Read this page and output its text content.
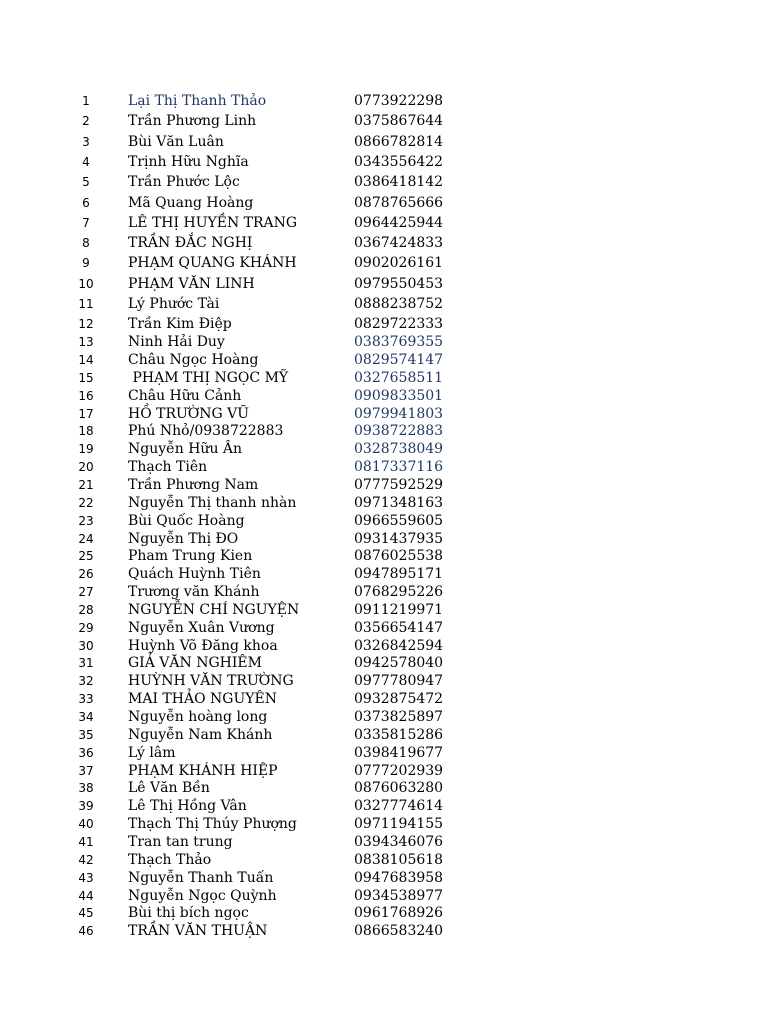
1	Lại Thị Thanh Thảo	0773922298
2	Trần Phương Linh	0375867644
3	Bùi Văn Luân	0866782814
4	Trịnh Hữu Nghĩa	0343556422
5	Trần Phước Lộc	0386418142
6	Mã Quang Hoàng	0878765666
7	LÊ THỊ HUYỀN TRANG	0964425944
8	TRẦN ĐẮC NGHỊ	0367424833
9	PHẠM QUANG KHÁNH	0902026161
10	PHẠM VĂN LINH	0979550453
11	Lý Phước Tài	0888238752
12	Trần Kim Điệp	0829722333
13	Ninh Hải Duy	0383769355
14	Châu Ngọc Hoàng	0829574147
15	PHẠM THỊ NGỌC MỸ	0327658511
16	Châu Hữu Cảnh	0909833501
17	HỒ TRƯỜNG VŨ	0979941803
18	Phú Nhỏ/0938722883	0938722883
19	Nguyễn Hữu Ân	0328738049
20	Thạch Tiên	0817337116
21	Trần Phương Nam	0777592529
22	Nguyễn Thị thanh nhàn	0971348163
23	Bùi Quốc Hoàng	0966559605
24	Nguyễn Thị ĐO	0931437935
25	Pham Trung Kien	0876025538
26	Quách Huỳnh Tiên	0947895171
27	Trương văn Khánh	0768295226
28	NGUYỄN CHÍ NGUYỆN	0911219971
29	Nguyễn Xuân Vương	0356654147
30	Huỳnh Võ Đăng khoa	0326842594
31	GIẢ VĂN NGHIÊM	0942578040
32	HUỲNH VĂN TRƯỜNG	0977780947
33	MAI THẢO NGUYÊN	0932875472
34	Nguyễn hoàng long	0373825897
35	Nguyễn Nam Khánh	0335815286
36	Lý lâm	0398419677
37	PHẠM KHÁNH HIỆP	0777202939
38	Lê Văn Bền	0876063280
39	Lê Thị Hồng Vân	0327774614
40	Thạch Thị Thúy Phượng	0971194155
41	Tran tan trung	0394346076
42	Thạch Thảo	0838105618
43	Nguyễn Thanh Tuấn	0947683958
44	Nguyễn Ngọc Quỳnh	0934538977
45	Bùi thị bích ngọc	0961768926
46	TRẦN VĂN THUẬN	0866583240
